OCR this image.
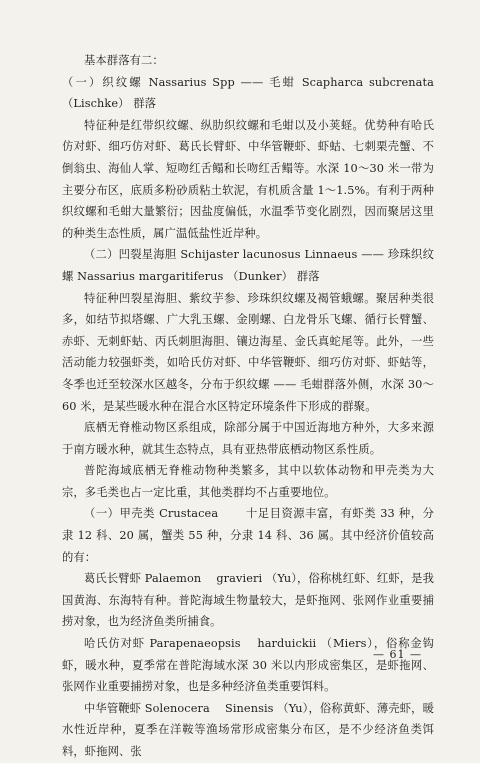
基本群落有二：

（一）织纹螺 Nassarius Spp —— 毛蚶 Scapharca subcrenata （Lischke） 群落

特征种是红带织纹螺、纵肋织纹螺和毛蚶以及小荚蛏。优势种有哈氏仿对虾、细巧仿对虾、葛氏长臂虾、中华管鞭虾、虾蛄、七刺栗壳蟹、不倒翁虫、海仙人掌、短吻红舌鳎和长吻红舌鳎等。水深 10～30 米一带为主要分布区，底质多粉砂质粘土软泥，有机质含量 1～1.5%。有利于两种织纹螺和毛蚶大量繁衍；因盐度偏低，水温季节变化剧烈，因而聚居这里的种类生态性质，属广温低盐性近岸种。

（二）凹裂星海胆 Schijaster lacunosus Linnaeus —— 珍珠织纹螺 Nassarius margaritiferus （Dunker） 群落

特征种凹裂星海胆、紫纹芋参、珍珠织纹螺及褐管蛾螺。聚居种类很多，如结节拟塔螺、广大乳玉螺、金刚螺、白龙骨乐飞螺、循行长臂蟹、赤虾、无刺虾蛄、丙氏刺胆海胆、镶边海星、金氏真蛇尾等。此外，一些活动能力较强虾类，如哈氏仿对虾、中华管鞭虾、细巧仿对虾、虾蛄等，冬季也迁至较深水区越冬，分布于织纹螺 —— 毛蚶群落外侧，水深 30～60 米，是某些暖水种在混合水区特定环境条件下形成的群聚。

底栖无脊椎动物区系组成，除部分属于中国近海地方种外，大多来源于南方暖水种，就其生态特点，具有亚热带底栖动物区系性质。

普陀海域底栖无脊椎动物种类繁多，其中以软体动物和甲壳类为大宗，多毛类也占一定比重，其他类群均不占重要地位。

（一）甲壳类 Crustacea 　　十足目资源丰富，有虾类 33 种，分隶 12 科、20 属，蟹类 55 种，分隶 14 科、36 属。其中经济价值较高的有：

葛氏长臂虾 Palaemon 　gravieri （Yu），俗称桃红虾、红虾，是我国黄海、东海特有种。普陀海域生物量较大，是虾拖网、张网作业重要捕捞对象，也为经济鱼类所捕食。

哈氏仿对虾 Parapenaeopsis 　harduickii （Miers），俗称金钩虾，暖水种，夏季常在普陀海域水深 30 米以内形成密集区，是虾拖网、张网作业重要捕捞对象，也是多种经济鱼类重要饵料。

中华管鞭虾 Solenocera 　Sinensis （Yu），俗称黄虾、薄壳虾，暖水性近岸种，夏季在洋鞍等渔场常形成密集分布区，是不少经济鱼类饵料，虾拖网、张

— 61 —
